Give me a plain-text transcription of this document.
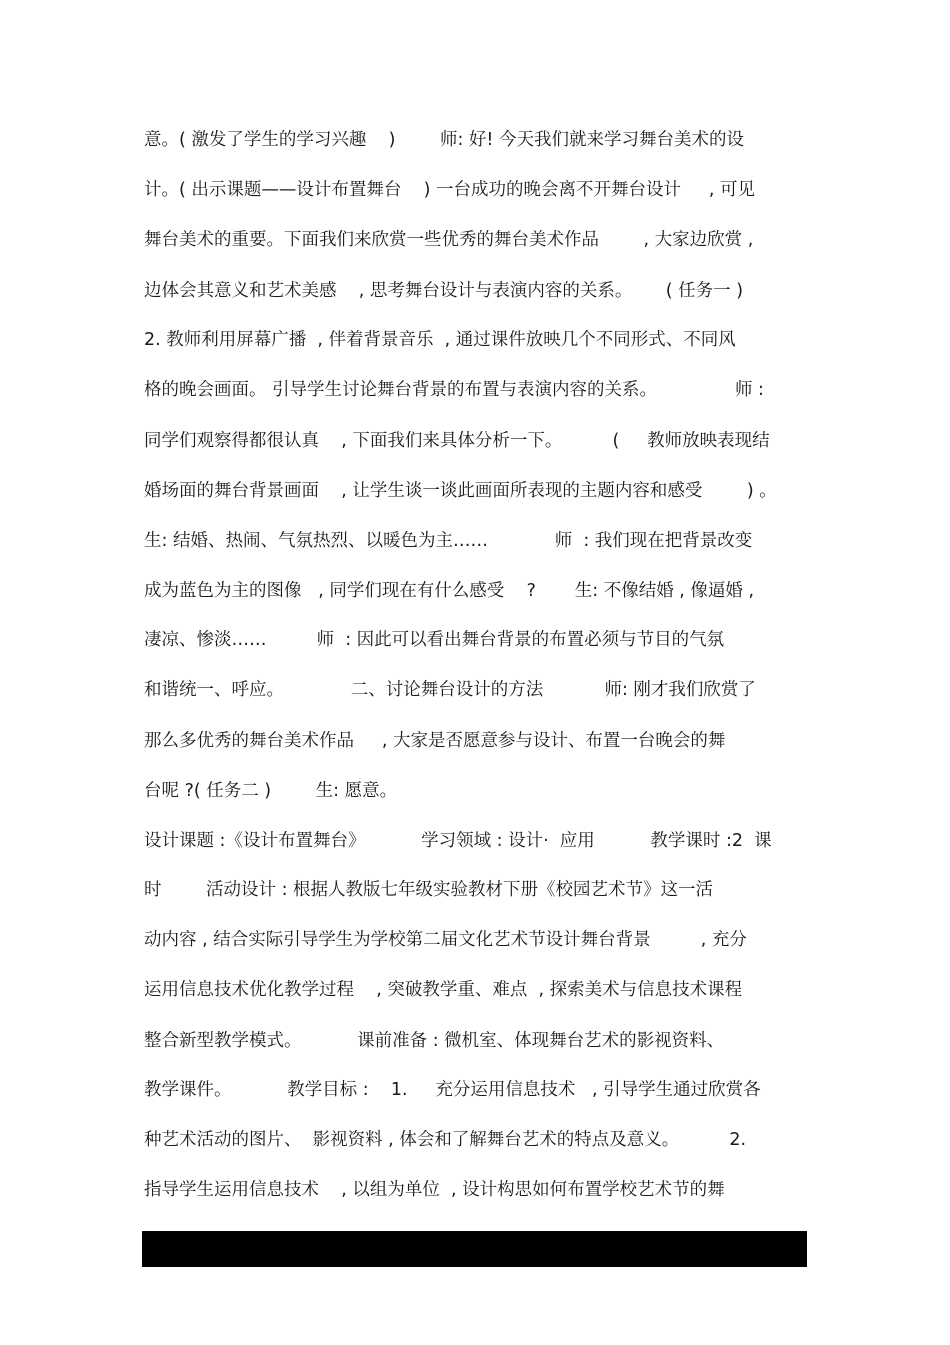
意。( 激发了学生的学习兴趣    )        师: 好! 今天我们就来学习舞台美术的设
计。( 出示课题——设计布置舞台    ) 一台成功的晚会离不开舞台设计     , 可见
舞台美术的重要。下面我们来欣赏一些优秀的舞台美术作品        , 大家边欣赏 ,
边体会其意义和艺术美感    , 思考舞台设计与表演内容的关系。      ( 任务一 )
2. 教师利用屏幕广播  , 伴着背景音乐  , 通过课件放映几个不同形式、不同风
格的晚会画面。 引导学生讨论舞台背景的布置与表演内容的关系。              师 :
同学们观察得都很认真    , 下面我们来具体分析一下。         (     教师放映表现结
婚场面的舞台背景画面    , 让学生谈一谈此画面所表现的主题内容和感受        ) 。
生: 结婚、热闹、气氛热烈、以暖色为主……            师  : 我们现在把背景改变
成为蓝色为主的图像   , 同学们现在有什么感受    ?       生: 不像结婚 , 像逼婚 ,
凄凉、惨淡……         师  : 因此可以看出舞台背景的布置必须与节目的气氛
和谐统一、呼应。            二、讨论舞台设计的方法           师: 刚才我们欣赏了
那么多优秀的舞台美术作品     , 大家是否愿意参与设计、布置一台晚会的舞
台呢 ?( 任务二 )        生: 愿意。
设计课题 :《设计布置舞台》          学习领域 : 设计·  应用          教学课时 :2  课
时        活动设计 : 根据人教版七年级实验教材下册《校园艺术节》这一活
动内容 , 结合实际引导学生为学校第二届文化艺术节设计舞台背景         , 充分
运用信息技术优化教学过程    , 突破教学重、难点  , 探索美术与信息技术课程
整合新型教学模式。          课前准备 : 微机室、体现舞台艺术的影视资料、
教学课件。          教学目标 :    1.     充分运用信息技术   , 引导学生通过欣赏各
种艺术活动的图片、  影视资料 , 体会和了解舞台艺术的特点及意义。         2.
指导学生运用信息技术    , 以组为单位  , 设计构思如何布置学校艺术节的舞
